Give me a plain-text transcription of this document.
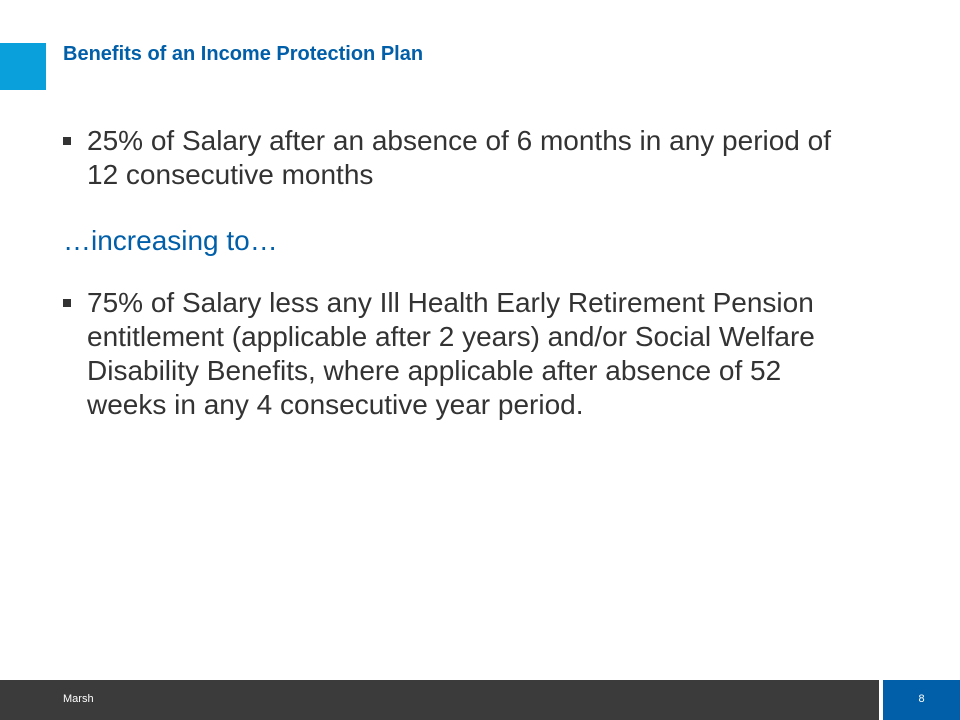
Benefits of an Income Protection Plan
25% of Salary after an absence of 6 months in any period of 12 consecutive months
…increasing to…
75% of Salary less any Ill Health Early Retirement Pension entitlement (applicable after 2 years) and/or Social Welfare Disability Benefits, where applicable after absence of 52 weeks in any 4 consecutive year period.
Marsh	8
